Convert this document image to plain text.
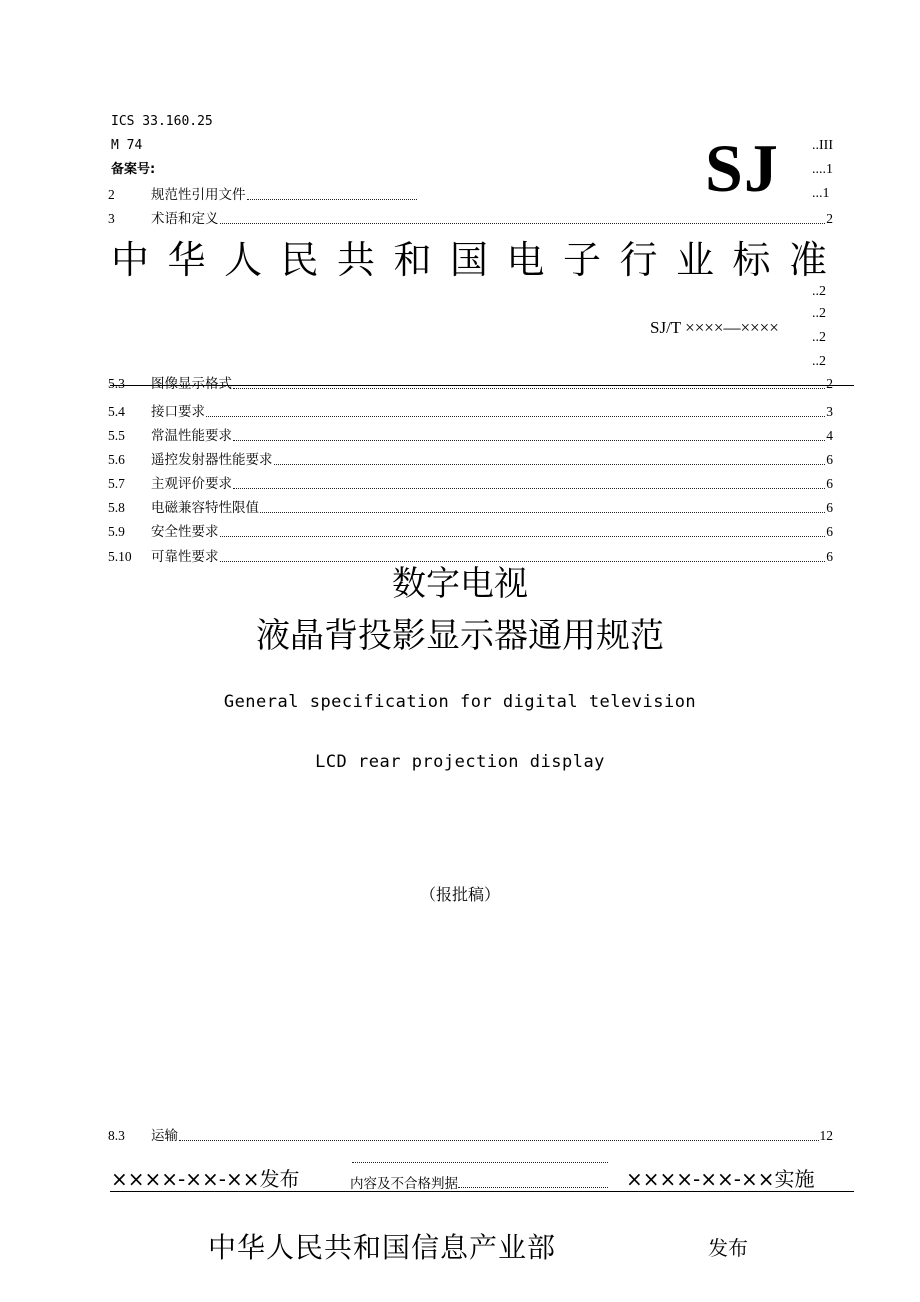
ICS 33.160.25
M 74
备案号:	SJ ..III
....1
..2
..2
..2
..2
2	规范性引用文件	...1
3	术语和定义	2
中华人民共和国电子行业标准
SJ/T ××××—××××
5.3	图像显示格式	2
5.4	接口要求	3
5.5	常温性能要求	4
5.6	遥控发射器性能要求	6
5.7	主观评价要求	6
5.8	电磁兼容特性限值	6
5.9	安全性要求	6
5.10	可靠性要求	6
数字电视
液晶背投影显示器通用规范
General specification for digital television
LCD rear projection display
（报批稿）
8.3	运输	12
内容及不合格判据
××××-××-××发布	××××-××-××实施
中华人民共和国信息产业部	发布
